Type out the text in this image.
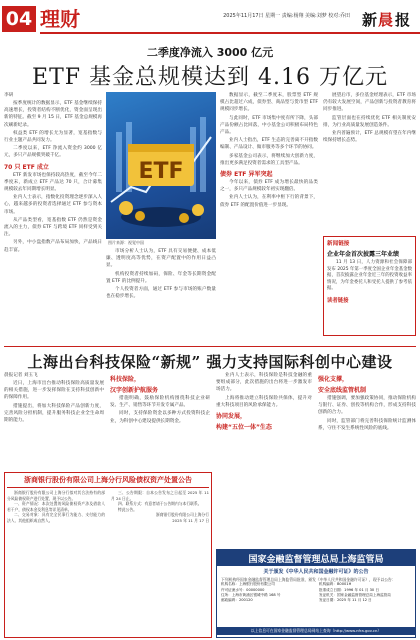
04 理财	2025年11月17日 星期一 责编:杨翔 美编:刘梦 校对:乔田 新 晨 报
二季度净流入 3000 亿元
ETF 基金总规模达到 4.16 万亿元
李研

按季度统计的数据显示，ETF 基金继续保持高速增长，投资者结构不断优化，资金面呈现出新的特征。截至 9 月 15 日，ETF 基金总规模再次刷新纪录。

权益类 ETF 的增长尤为显著，宽基指数与行业主题产品共同发力。

二季度以来，ETF 净流入资金约 3000 亿元，多只产品规模突破千亿。

70 只 ETF 成立

ETF 新发市场也保持较高热度，截至今年二季度末，新成立 ETF 产品达 70 只，合计募集规模较去年同期增长明显。

业内人士表示，指数化投资理念逐步深入人心，越来越多的投资者选择通过 ETF 参与资本市场。

从产品类型看，宽基指数 ETF 仍然是资金流入的主力，债券 ETF 与跨境 ETF 同样受到关注。

另外，中小盘指数产品布局加快，产品线日趋丰富。

ETF
图片来源：视觉中国

市场分析人士认为，ETF 具有交易便捷、成本低廉、透明度高等优势，在资产配置中的作用日益凸显。

机构投资者持续加码，保险、年金等长期资金配置 ETF 的比例提升。

个人投资者方面，通过 ETF 参与市场的账户数量也在稳步增长。

数据显示，截至二季度末，股票型 ETF 规模占比超过六成，债券型、商品型与货币型 ETF 规模同步增长。

与此同时，ETF 市场集中度有所下降，头部产品份额占比回落，中小基金公司积极布局特色产品。

业内人士指出，ETF 生态的完善离不开指数编制、产品设计、做市服务等多个环节的协同。

多家基金公司表示，将继续加大创新力度，推出更多满足投资者需求的工具型产品。

债券 ETF 异军突起

今年以来，债券 ETF 成为增长最快的品类之一，多只产品规模较年初实现翻倍。

业内人士认为，在利率中枢下行的背景下，债券 ETF 的配置价值进一步显现。

展望后市，多位基金经理表示，ETF 市场仍有较大发展空间，产品创新与投资者教育将同步推进。

监管层面也在持续优化 ETF 相关制度安排，为行业高质量发展创造条件。

业内普遍预计，ETF 总规模有望在年内继续保持增长态势。

新闻链接
企业年金首次披露三年业绩
11 月 13 日，人力资源和社会保障部发布 2025 年第一季度全国企业年金基金数据，首次披露企业年金近三年的投资收益率情况，为年金委托人和受托人提供了参考依据。
读者链接
上海出台科技保险“新规” 强力支持国际科创中心建设
晨报记者 刘玉飞

近日，上海市出台推动科技保险高质量发展的相关措施，进一步发挥保险在支持科技创新中的保障作用。

措施提出，将加大科技保险产品创新力度，完善风险分担机制，提升服务科技企业全生命周期的能力。

科技保险，

汉字创新护航服务

措施明确，鼓励保险机构围绕科技企业研发、生产、销售等环节开发专属产品。

同时，支持保险资金以多种方式投资科技企业，为科创中心建设提供长期资金。

业内人士表示，科技保险是科技金融的重要组成部分，此次措施的出台将进一步激发市场活力。

上海将推动建立科技保险共保体，提升对重大科技项目的风险承保能力。

协同发展，

构建“五位一体”生态

强化支撑，

安全底线监管机制

措施强调，要加强政策协同，推动保险机构与银行、证券、创投等机构合作，形成支持科技创新的合力。

同时，监管部门将完善科技保险统计监测体系，守住不发生系统性风险的底线。

浙商银行股份有限公司上海分行风险债权资产处置公告

浙商银行股份有限公司上海分行拟对其合法持有的部分风险债权资产进行处置，现予以公告。

一、资产情况：本次处置的风险债权资产涉及借款人若干户，债权本金及利息等详见清单。

二、交易对象：具有完全民事行为能力、支付能力的法人、其他组织或自然人。

三、公告期限：自本公告发布之日起至 2025 年 11 月 24 日止。

四、联系方式：有意者请于公告期内与本行联系。

特此公告。

浙商银行股份有限公司上海分行

2025 年 11 月 17 日

国家金融监督管理总局上海监管局
关于颁发《中华人民共和国金融许可证》的公告
下列机构经国家金融监督管理总局上海监管局批准，颁发《中华人民共和国金融许可证》，现予以公告：
机构名称：上海银行股份有限公司	机构编码：B0001H
许可证流水号：00000000	批准成立日期：1996 年 01 月 30 日
住所：上海市黄浦区银城中路 168 号	发证机关：国家金融监督管理总局上海监管局
邮政编码：200120	发证日期：2025 年 11 月 12 日
以上信息可在国家金融监督管理总局网站上查询（http://www.nfra.gov.cn）
